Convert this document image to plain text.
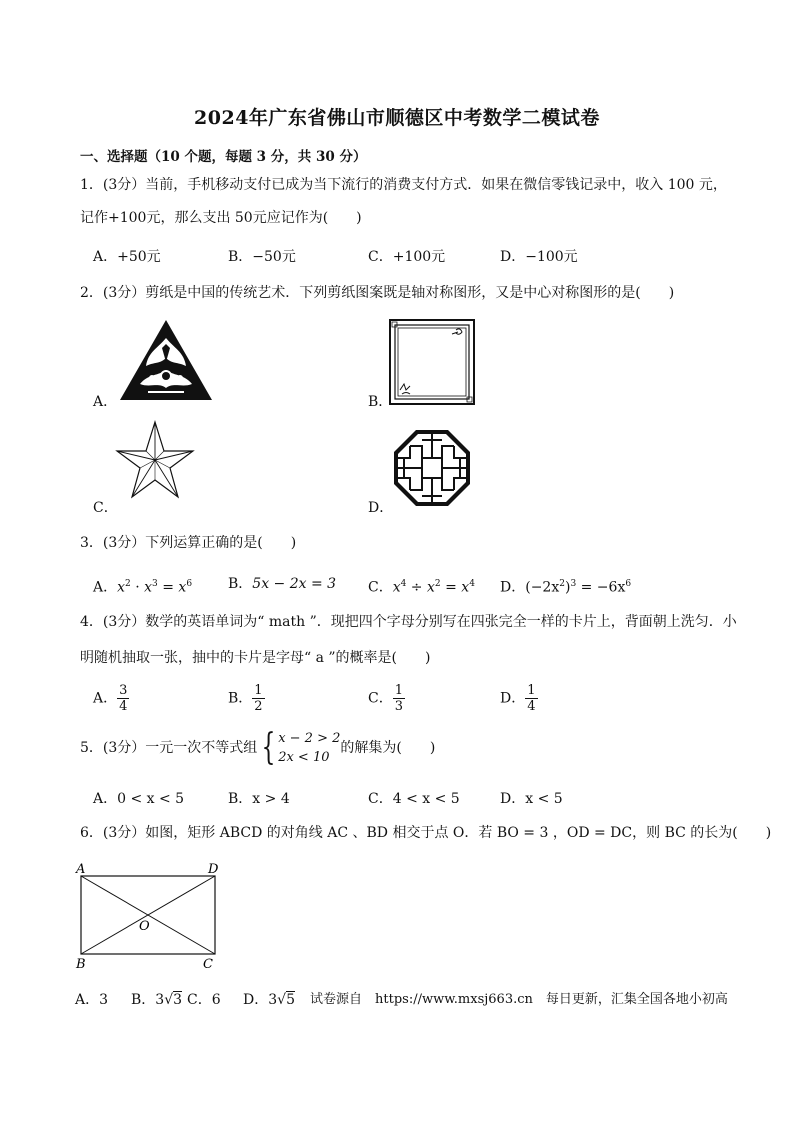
2024年广东省佛山市顺德区中考数学二模试卷
一、选择题（10 个题，每题 3 分，共 30 分）
1．(3分）当前，手机移动支付已成为当下流行的消费支付方式．如果在微信零钱记录中，收入 100 元，
记作+100元，那么支出 50元应记作为(　　)
A．+50元	B．−50元	C．+100元	D．−100元
2．(3分）剪纸是中国的传统艺术．下列剪纸图案既是轴对称图形，又是中心对称图形的是(　　)
A．	B．
C．	D．
3．(3分）下列运算正确的是(　　)
A．$x^2 \cdot x^3 = x^6$	B．5x − 2x = 3 C．$x^4 \div x^2 = x^4$ D．$(-2x^2)^3 = -6x^6$
4．(3分）数学的英语单词为“ math ”．现把四个字母分别写在四张完全一样的卡片上，背面朝上洗匀．小
明随机抽取一张，抽中的卡片是字母“ a ”的概率是(　　)
A． $\frac{3}{4}$	B． $\frac{1}{2}$	C． $\frac{1}{3}$	D． $\frac{1}{4}$
5．(3分）一元一次不等式组 { x − 2 > 2
2x < 10
的解集为(　　)
A．0 < x < 5	B．x > 4	C．4 < x < 5	D．x < 5
6．(3分）如图，矩形 ABCD 的对角线 AC 、BD 相交于点 O．若 BO = 3 ，OD = DC，则 BC 的长为(　　)
A	D
B	C
O
A．3 B．3√3 C．6 D．3√5 试卷源自　https://www.mxsj663.cn　每日更新，汇集全国各地小初高
